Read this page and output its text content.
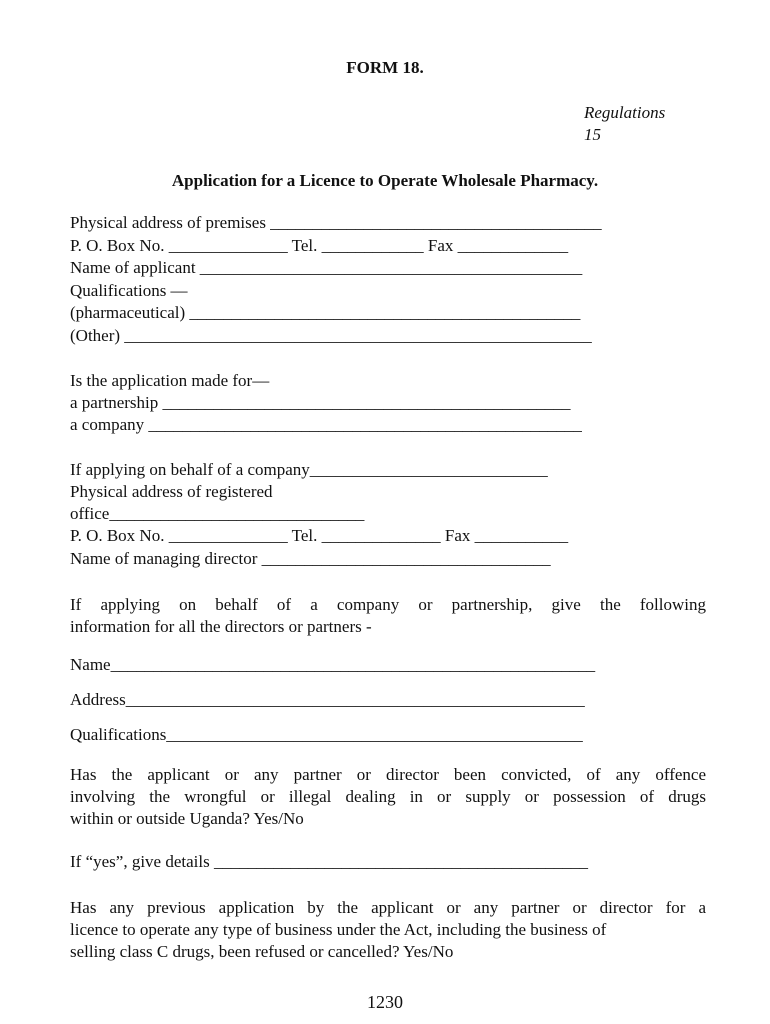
FORM 18.
Regulations
15
Application for a Licence to Operate Wholesale Pharmacy.
Physical address of premises _______________________________________
P. O. Box No. ______________ Tel. ____________ Fax _____________
Name of applicant _____________________________________________
Qualifications —
(pharmaceutical) ______________________________________________
(Other) _______________________________________________________
Is the application made for—
a partnership ________________________________________________
a company ___________________________________________________
If applying on behalf of a company____________________________
Physical address of registered
office______________________________
P. O. Box No. ______________ Tel. ______________ Fax ___________
Name of managing director __________________________________
If applying on behalf of a company or partnership, give the following
information for all the directors or partners -
Name_________________________________________________________
Address______________________________________________________
Qualifications_________________________________________________
Has the applicant or any partner or director been convicted, of any offence
involving the wrongful or illegal dealing in or supply or possession of drugs
within or outside Uganda? Yes/No
If “yes”, give details ____________________________________________
Has any previous application by the applicant or any partner or director for a
licence to operate any type of business under the Act, including the business of
selling class C drugs, been refused or cancelled? Yes/No
1230
